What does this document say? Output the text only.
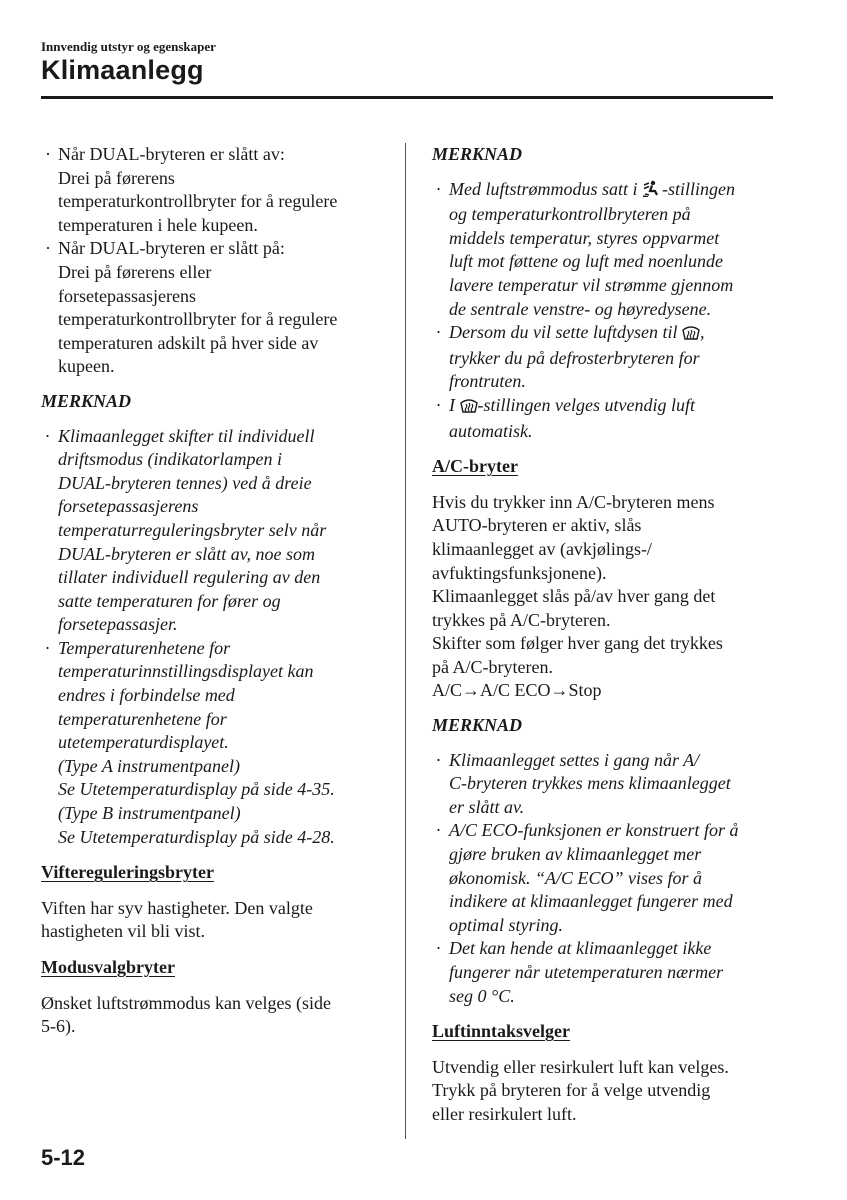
Innvendig utstyr og egenskaper
Klimaanlegg
· Når DUAL-bryteren er slått av:
Drei på førerens
temperaturkontrollbryter for å regulere
temperaturen i hele kupeen.
· Når DUAL-bryteren er slått på:
Drei på førerens eller
forsetepassasjerens
temperaturkontrollbryter for å regulere
temperaturen adskilt på hver side av
kupeen.
MERKNAD
· Klimaanlegget skifter til individuell
driftsmodus (indikatorlampen i
DUAL-bryteren tennes) ved å dreie
forsetepassasjerens
temperaturreguleringsbryter selv når
DUAL-bryteren er slått av, noe som
tillater individuell regulering av den
satte temperaturen for fører og
forsetepassasjer.
· Temperaturenhetene for
temperaturinnstillingsdisplayet kan
endres i forbindelse med
temperaturenhetene for
utetemperaturdisplayet.
(Type A instrumentpanel)
Se Utetemperaturdisplay på side 4-35.
(Type B instrumentpanel)
Se Utetemperaturdisplay på side 4-28.
Viftereguleringsbryter
Viften har syv hastigheter. Den valgte
hastigheten vil bli vist.
Modusvalgbryter
Ønsket luftstrømmodus kan velges (side
5-6).
MERKNAD
· Med luftstrømmodus satt i -stillingen
og temperaturkontrollbryteren på
middels temperatur, styres oppvarmet
luft mot føttene og luft med noenlunde
lavere temperatur vil strømme gjennom
de sentrale venstre- og høyredysene.
· Dersom du vil sette luftdysen til ,
trykker du på defrosterbryteren for
frontruten.
· I -stillingen velges utvendig luft
automatisk.
A/C-bryter
Hvis du trykker inn A/C-bryteren mens
AUTO-bryteren er aktiv, slås
klimaanlegget av (avkjølings-/
avfuktingsfunksjonene).
Klimaanlegget slås på/av hver gang det
trykkes på A/C-bryteren.
Skifter som følger hver gang det trykkes
på A/C-bryteren.
A/C→A/C ECO→Stop
MERKNAD
· Klimaanlegget settes i gang når A/
C-bryteren trykkes mens klimaanlegget
er slått av.
· A/C ECO-funksjonen er konstruert for å
gjøre bruken av klimaanlegget mer
økonomisk. “A/C ECO” vises for å
indikere at klimaanlegget fungerer med
optimal styring.
· Det kan hende at klimaanlegget ikke
fungerer når utetemperaturen nærmer
seg 0 °C.
Luftinntaksvelger
Utvendig eller resirkulert luft kan velges.
Trykk på bryteren for å velge utvendig
eller resirkulert luft.
5-12
